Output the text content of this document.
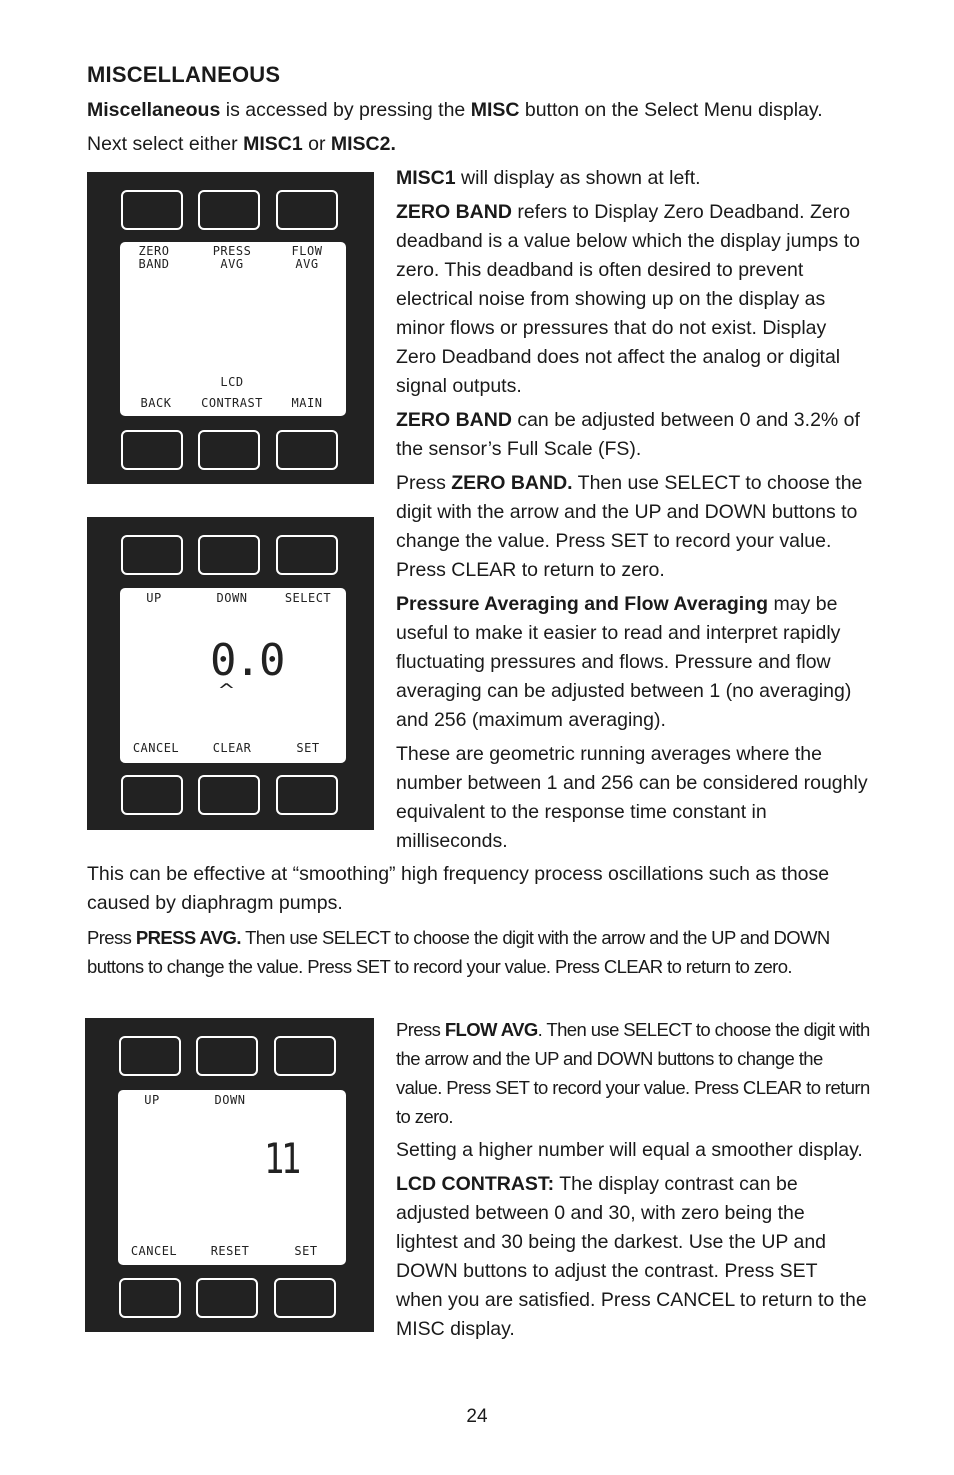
MISCELLANEOUS
Miscellaneous is accessed by pressing the MISC button on the Select Menu display.
Next select either MISC1 or MISC2.
ZERO
BAND
PRESS
AVG
FLOW
AVG
LCD
BACK	CONTRAST	MAIN
UP	DOWN	SELECT
0.0
^
CANCEL	CLEAR	SET
UP	DOWN
11
CANCEL	RESET	SET
MISC1 will display as shown at left.
ZERO BAND refers to Display Zero Deadband. Zero deadband is a value below which the display jumps to zero. This deadband is often desired to prevent electrical noise from showing up on the display as minor flows or pressures that do not exist. Display Zero Deadband does not affect the analog or digital signal outputs.
ZERO BAND can be adjusted between 0 and 3.2% of the sensor’s Full Scale (FS).
Press ZERO BAND. Then use SELECT to choose the digit with the arrow and the UP and DOWN buttons to change the value. Press SET to record your value. Press CLEAR to return to zero.
Pressure Averaging and Flow Averaging may be useful to make it easier to read and interpret rapidly fluctuating pressures and flows. Pressure and flow averaging can be adjusted between 1 (no averaging) and 256 (maximum averaging).
These are geometric running averages where the number between 1 and 256 can be considered roughly equivalent to the response time constant in milliseconds.
This can be effective at “smoothing” high frequency process oscillations such as those caused by diaphragm pumps.
Press PRESS AVG. Then use SELECT to choose the digit with the arrow and the UP and DOWN buttons to change the value. Press SET to record your value. Press CLEAR to return to zero.
Press FLOW AVG. Then use SELECT to choose the digit with the arrow and the UP and DOWN buttons to change the value. Press SET to record your value. Press CLEAR to return to zero.
Setting a higher number will equal a smoother display.
LCD CONTRAST: The display contrast can be adjusted between 0 and 30, with zero being the lightest and 30 being the darkest. Use the UP and DOWN buttons to adjust the contrast. Press SET when you are satisfied. Press CANCEL to return to the MISC display.
24
